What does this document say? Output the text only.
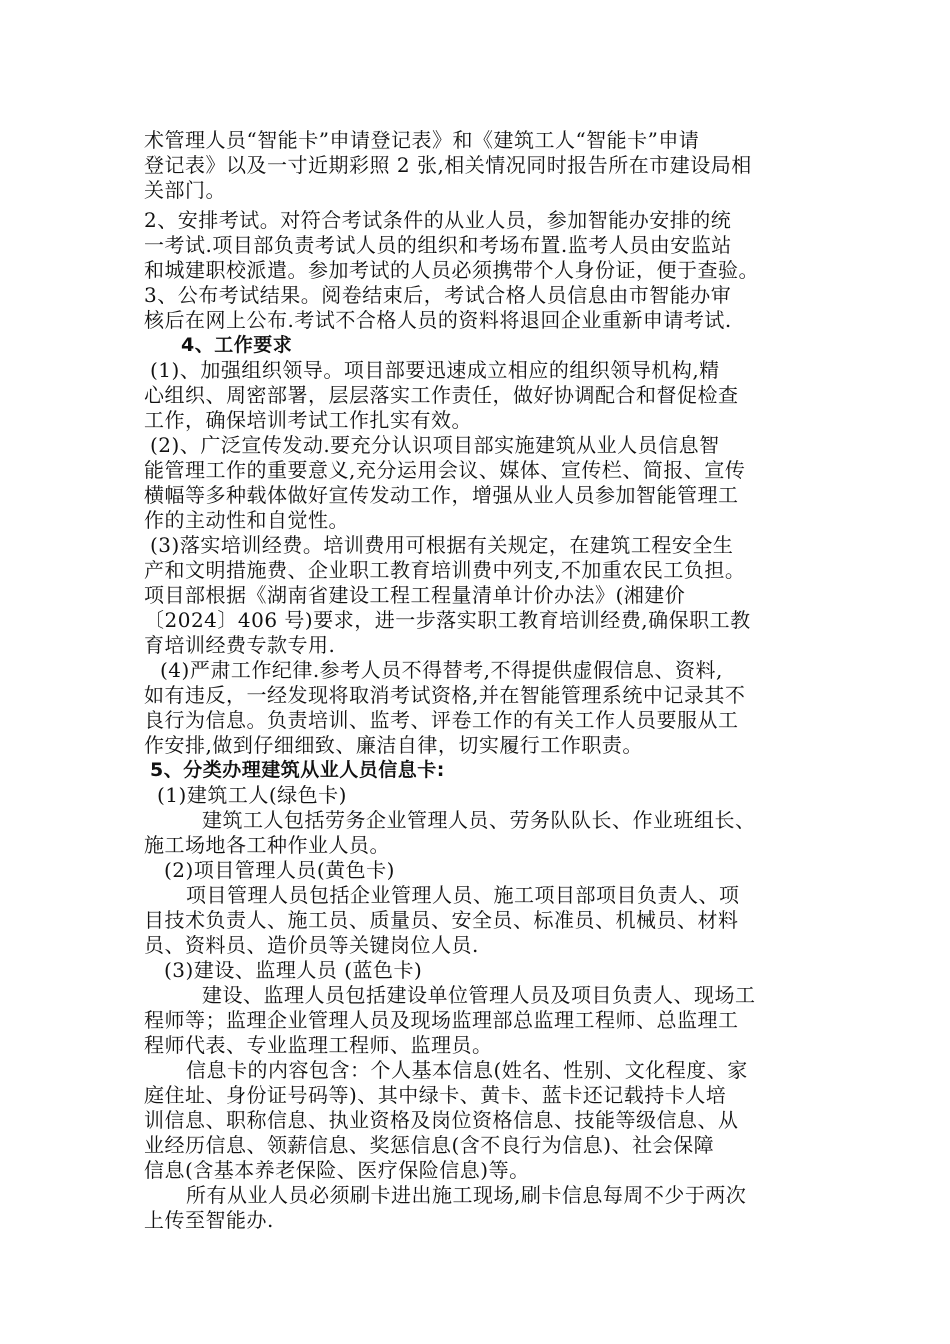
术管理人员“智能卡”申请登记表》和《建筑工人“智能卡”申请
登记表》以及一寸近期彩照 2 张,相关情况同时报告所在市建设局相
关部门。
2、安排考试。对符合考试条件的从业人员，参加智能办安排的统
一考试.项目部负责考试人员的组织和考场布置.监考人员由安监站
和城建职校派遣。参加考试的人员必须携带个人身份证，便于查验。
3、公布考试结果。阅卷结束后，考试合格人员信息由市智能办审
核后在网上公布.考试不合格人员的资料将退回企业重新申请考试.
4、工作要求
(1)、加强组织领导。项目部要迅速成立相应的组织领导机构,精
心组织、周密部署，层层落实工作责任，做好协调配合和督促检查
工作，确保培训考试工作扎实有效。
(2)、广泛宣传发动.要充分认识项目部实施建筑从业人员信息智
能管理工作的重要意义,充分运用会议、媒体、宣传栏、简报、宣传
横幅等多种载体做好宣传发动工作，增强从业人员参加智能管理工
作的主动性和自觉性。
(3)落实培训经费。培训费用可根据有关规定，在建筑工程安全生
产和文明措施费、企业职工教育培训费中列支,不加重农民工负担。
项目部根据《湖南省建设工程工程量清单计价办法》(湘建价
〔2024〕406 号)要求，进一步落实职工教育培训经费,确保职工教
育培训经费专款专用.
(4)严肃工作纪律.参考人员不得替考,不得提供虚假信息、资料,
如有违反，一经发现将取消考试资格,并在智能管理系统中记录其不
良行为信息。负责培训、监考、评卷工作的有关工作人员要服从工
作安排,做到仔细细致、廉洁自律，切实履行工作职责。
5、分类办理建筑从业人员信息卡:
(1)建筑工人(绿色卡)
建筑工人包括劳务企业管理人员、劳务队队长、作业班组长、
施工场地各工种作业人员。
(2)项目管理人员(黄色卡)
项目管理人员包括企业管理人员、施工项目部项目负责人、项
目技术负责人、施工员、质量员、安全员、标准员、机械员、材料
员、资料员、造价员等关键岗位人员.
(3)建设、监理人员 (蓝色卡)
建设、监理人员包括建设单位管理人员及项目负责人、现场工
程师等；监理企业管理人员及现场监理部总监理工程师、总监理工
程师代表、专业监理工程师、监理员。
信息卡的内容包含：个人基本信息(姓名、性别、文化程度、家
庭住址、身份证号码等)、其中绿卡、黄卡、蓝卡还记载持卡人培
训信息、职称信息、执业资格及岗位资格信息、技能等级信息、从
业经历信息、领薪信息、奖惩信息(含不良行为信息)、社会保障
信息(含基本养老保险、医疗保险信息)等。
所有从业人员必须刷卡进出施工现场,刷卡信息每周不少于两次
上传至智能办.
